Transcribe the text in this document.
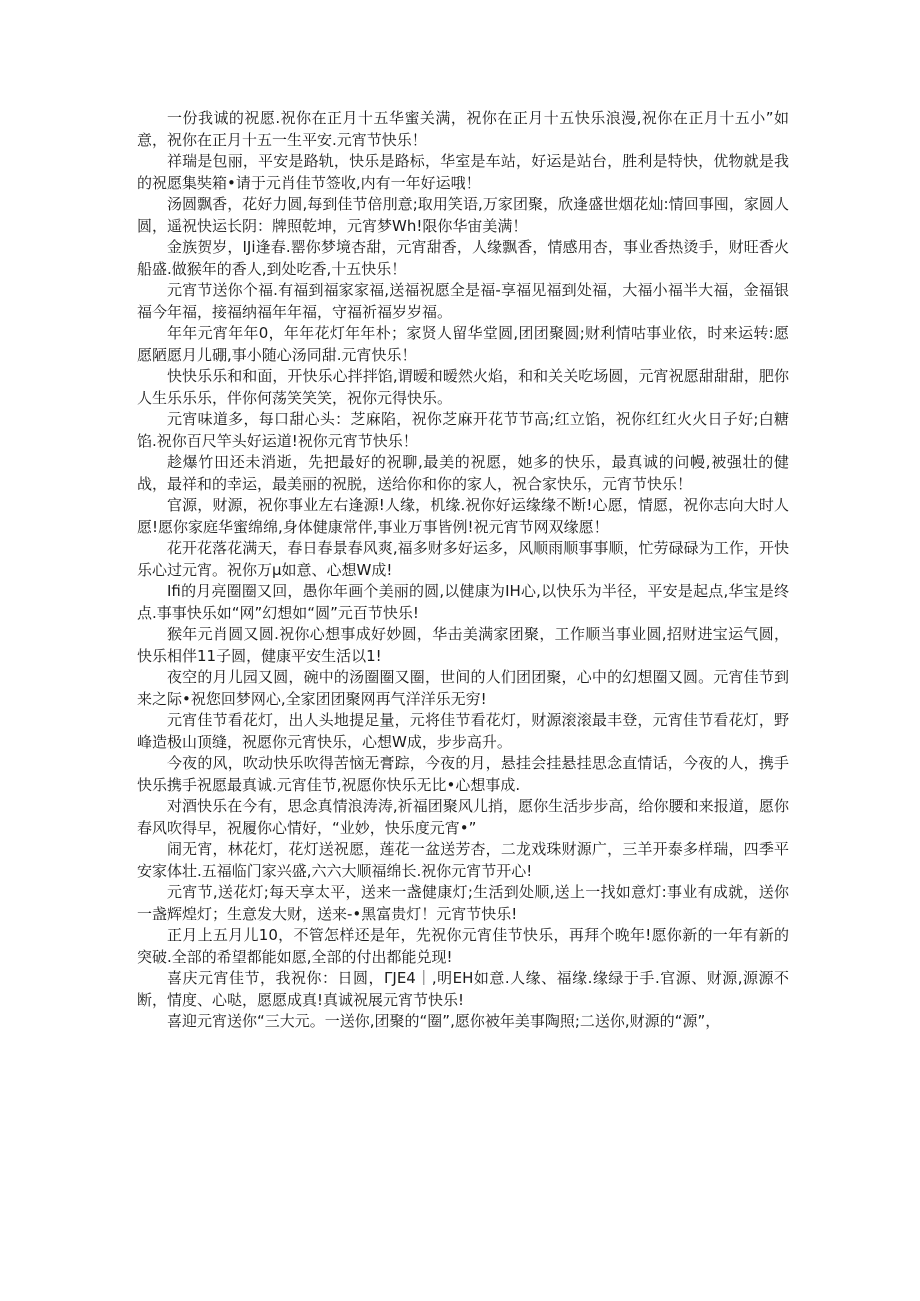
一份我诚的祝愿.祝你在正月十五华蜜关满，祝你在正月十五快乐浪漫,祝你在正月十五小”如意，祝你在正月十五一生平安.元宵节快乐！

祥瑞是包丽，平安是路轨，快乐是路标，华室是车站，好运是站台，胜利是特快，优物就是我的祝愿集奘箱•请于元肖佳节签收,内有一年好运哦！

汤圆飘香，花好力圆,每到佳节倍刖意;取用笑语,万家团聚，欣逢盛世烟花灿:情回事囤，家圆人圆，遥祝快运长阴：牌照乾坤，元宵梦Wh!限你华宙美满！

金族贺岁，IJi逢春.罂你梦境杏甜，元宵甜香，人缘飘香，情感用杏，事业香热烫手，财旺香火船盛.做猴年的香人,到处吃香,十五快乐！

元宵节送你个福.有福到福家家福,送福祝愿全是福-享福见福到处福，大福小福半大福，金福银福今年福，接福纳福年年福，守福祈福岁岁福。

年年元宵年年0，年年花灯年年朴；家贤人留华堂圆,团团聚圆;财利情咕事业依，时来运转:愿愿陋愿月儿硼,事小随心汤同甜.元宵快乐！

快快乐乐和和面，开快乐心拌拌馅,谓暧和暧然火焰，和和关关吃场圆，元宵祝愿甜甜甜，肥你人生乐乐乐，伴你何荡笑笑笑，祝你元得快乐。

元宵味道多，每口甜心头：芝麻陷，祝你芝麻开花节节高;红立馅，祝你红红火火日子好;白糖馅.祝你百尺竿头好运道!祝你元宵节快乐！

趁爆竹田还未消逝，先把最好的祝聊,最美的祝愿，她多的快乐，最真诚的问幔,被强壮的健战，最祥和的幸运，最美丽的祝脱，送给你和你的家人，祝合家快乐，元宵节快乐！

官源，财源，祝你事业左右逢源!人缘，机缘.祝你好运缘缘不断!心愿，情愿，祝你志向大时人愿!愿你家庭华蜜绵绵,身体健康常伴,事业万事皆例!祝元宵节网双缘愿！

花开花落花满天，春日春景春风爽,福多财多好运多，风顺雨顺事事顺，忙劳碌碌为工作，开快乐心过元宵。祝你万μ如意、心想W成!

Ifi的月亮圈圈又回，愚你年画个美丽的圆,以健康为IH心,以快乐为半径，平安是起点,华宝是终点.事事快乐如“网”幻想如“圆”元百节快乐!

猴年元肖圆又圆.祝你心想事成好妙圆，华击美满家团聚，工作顺当事业圆,招财进宝运气圆，快乐相伴11子圆，健康平安生活以1!

夜空的月儿园又圆，碗中的汤圈圈又圈，世间的人们团团聚，心中的幻想圈又圆。元宵佳节到来之际•祝您回梦网心,全家团团聚网再气洋洋乐无穷!

元宵佳节看花灯，出人头地提足量，元将佳节看花灯，财源滚滚最丰登，元宵佳节看花灯，野峰造极山顶缝，祝愿你元宵快乐，心想W成，步步高升。

今夜的风，吹动快乐吹得苦恼无膏踪，今夜的月，悬挂会挂悬挂思念直情话，今夜的人，携手快乐携手祝愿最真诚.元宵佳节,祝愿你快乐无比•心想事成.

对酒快乐在今有，思念真情浪涛涛,祈福团聚风儿捎，愿你生活步步高，给你腰和来报道，愿你春风吹得早，祝履你心情好，“业妙，快乐度元宵•”

闹无宵，林花灯，花灯送祝愿，莲花一盆送芳杏，二龙戏珠财源广，三羊开泰多样瑞，四季平安家体壮.五福临门家兴盛,六六大顺福绵长.祝你元宵节开心!

元宵节,送花灯;每天享太平，送来一盏健康灯;生活到处顺,送上一找如意灯:事业有成就，送你一盏辉煌灯；生意发大财，送来-•黑富贵灯！元宵节快乐!

正月上五月儿10，不管怎样还是年，先祝你元宵佳节快乐，再拜个晚年!愿你新的一年有新的突破.全部的希望都能如愿,全部的付出都能兑现!

喜庆元宵佳节，我祝你：日圆，ΓJE4｜,明EH如意.人缘、福缘.缘绿于手.官源、财源,源源不断，情度、心哒，愿愿成真!真诚祝展元宵节快乐!

喜迎元宵送你“三大元。一送你,团聚的“圈”,愿你被年美事陶照;二送你,财源的“源”，
